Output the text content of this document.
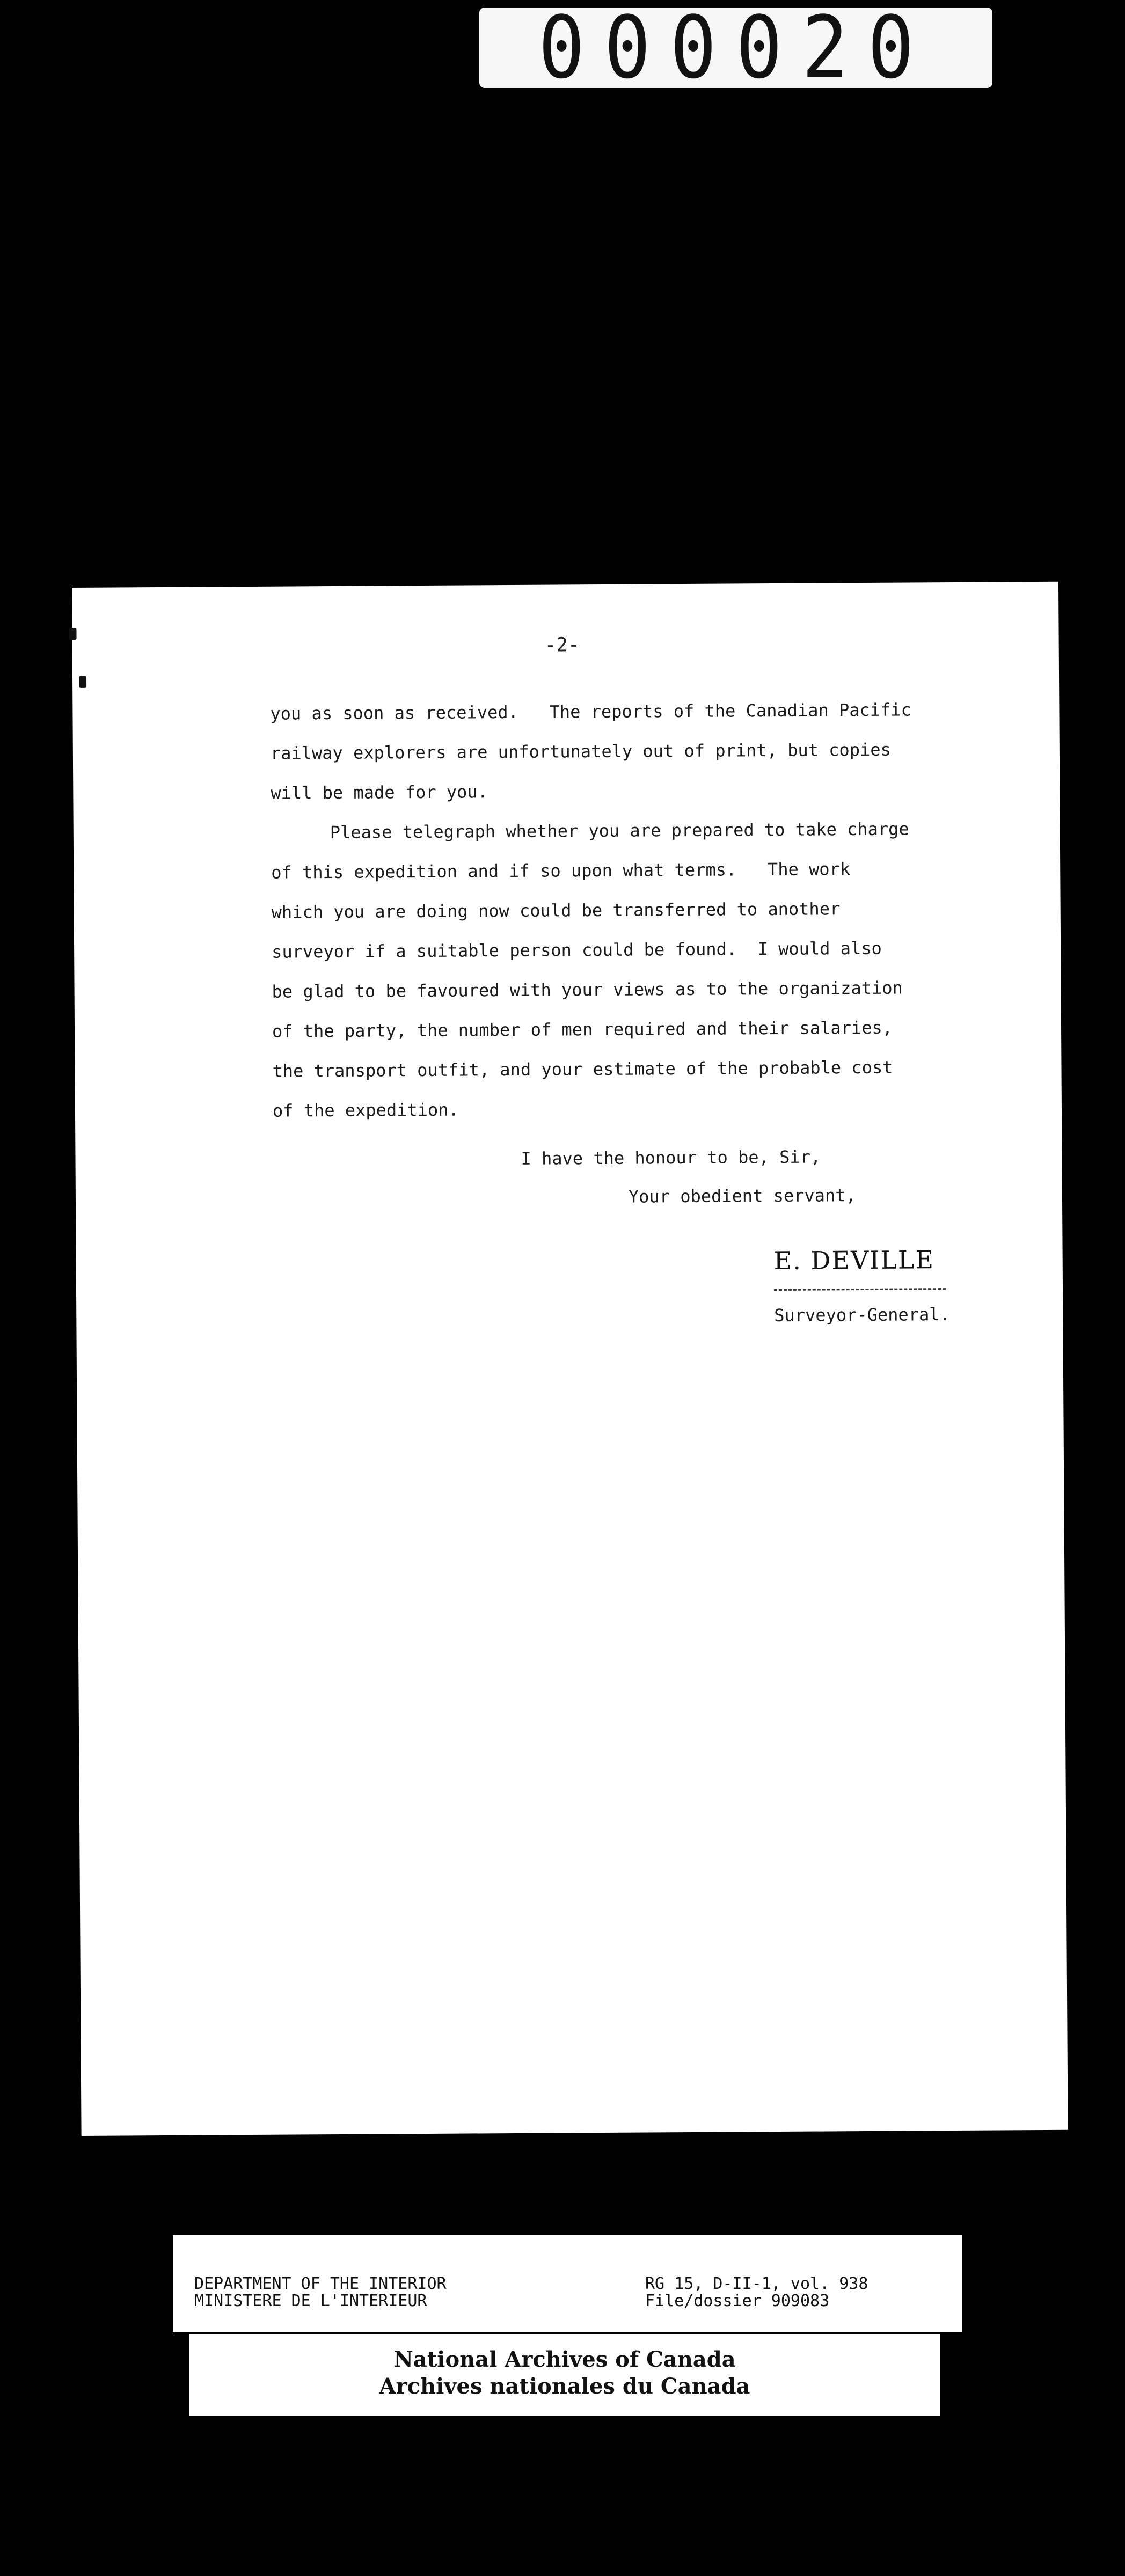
000020
-2-
you as soon as received.   The reports of the Canadian Pacific
railway explorers are unfortunately out of print, but copies
will be made for you.
Please telegraph whether you are prepared to take charge
of this expedition and if so upon what terms.   The work
which you are doing now could be transferred to another
surveyor if a suitable person could be found.  I would also
be glad to be favoured with your views as to the organization
of the party, the number of men required and their salaries,
the transport outfit, and your estimate of the probable cost
of the expedition.
I have the honour to be, Sir,
Your obedient servant,
E. DEVILLE
Surveyor-General.
DEPARTMENT OF THE INTERIOR
MINISTERE DE L'INTERIEUR
RG 15, D-II-1, vol. 938
File/dossier 909083
National Archives of Canada
Archives nationales du Canada
